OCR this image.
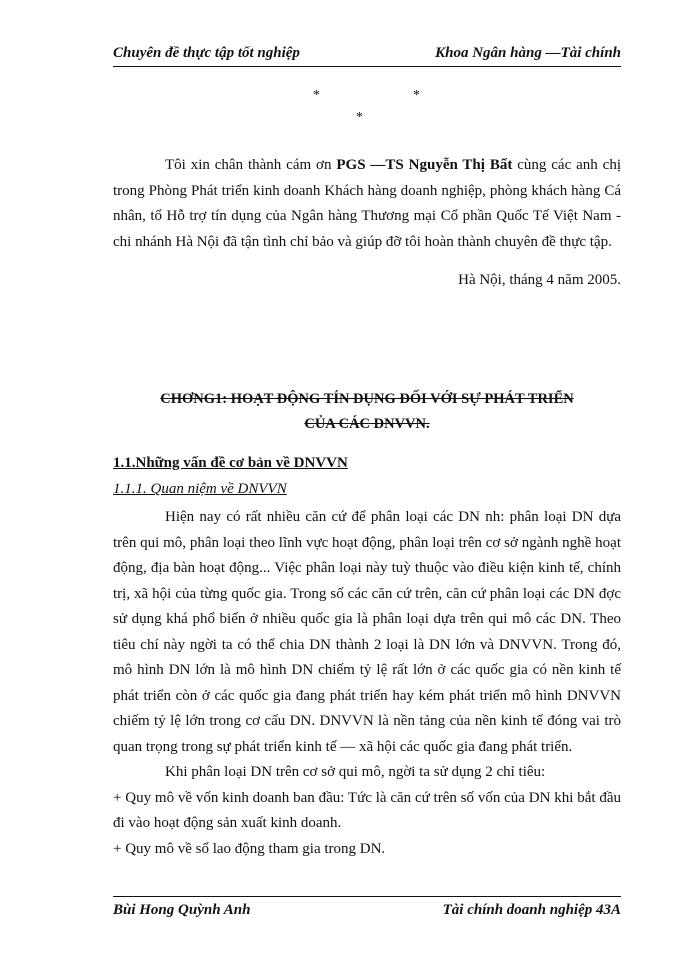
Chuyên đề thực tập tốt nghiệp	Khoa Ngân hàng —Tài chính
*	*
*

Tôi xin chân thành cám ơn PGS —TS Nguyễn Thị Bất cùng các anh chị trong Phòng Phát triển kinh doanh Khách hàng doanh nghiệp, phòng khách hàng Cá nhân, tổ Hỗ trợ tín dụng của Ngân hàng Thương mại Cổ phần Quốc Tế Việt Nam - chi nhánh Hà Nội đã tận tình chỉ bảo và giúp đỡ tôi hoàn thành chuyên đề thực tập.

Hà Nội, tháng 4 năm 2005.
CHƠNG1: HOẠT ĐỘNG TÍN DỤNG ĐỐI VỚI SỰ PHÁT TRIỂN
CỦA CÁC DNVVN.
1.1.Những vấn đề cơ bản về DNVVN
1.1.1. Quan niệm về DNVVN

Hiện nay có rất nhiều căn cứ để phân loại các DN nh: phân loại DN dựa trên qui mô, phân loại theo lĩnh vực hoạt động, phân loại trên cơ sở ngành nghề hoạt động, địa bàn hoạt động... Việc phân loại này tuỳ thuộc vào điều kiện kinh tế, chính trị, xã hội của từng quốc gia. Trong số các căn cứ trên, căn cứ phân loại các DN đợc sử dụng khá phổ biến ở nhiều quốc gia là phân loại dựa trên qui mô các DN. Theo tiêu chí này ngời ta có thể chia DN thành 2 loại là DN lớn và DNVVN. Trong đó, mô hình DN lớn là mô hình DN chiếm tỷ lệ rất lớn ở các quốc gia có nền kinh tế phát triển còn ở các quốc gia đang phát triển hay kém phát triển mô hình DNVVN chiếm tỷ lệ lớn trong cơ cấu DN. DNVVN là nền tảng của nền kinh tế đóng vai trò quan trọng trong sự phát triển kinh tế — xã hội các quốc gia đang phát triển.

Khi phân loại DN trên cơ sở qui mô, ngời ta sử dụng 2 chỉ tiêu:

+ Quy mô về vốn kinh doanh ban đầu: Tức là căn cứ trên số vốn của DN khi bắt đầu đi vào hoạt động sản xuất kinh doanh.

+ Quy mô về số lao động tham gia trong DN.

Bùi Hong Quỳnh Anh	Tài chính doanh nghiệp 43A
